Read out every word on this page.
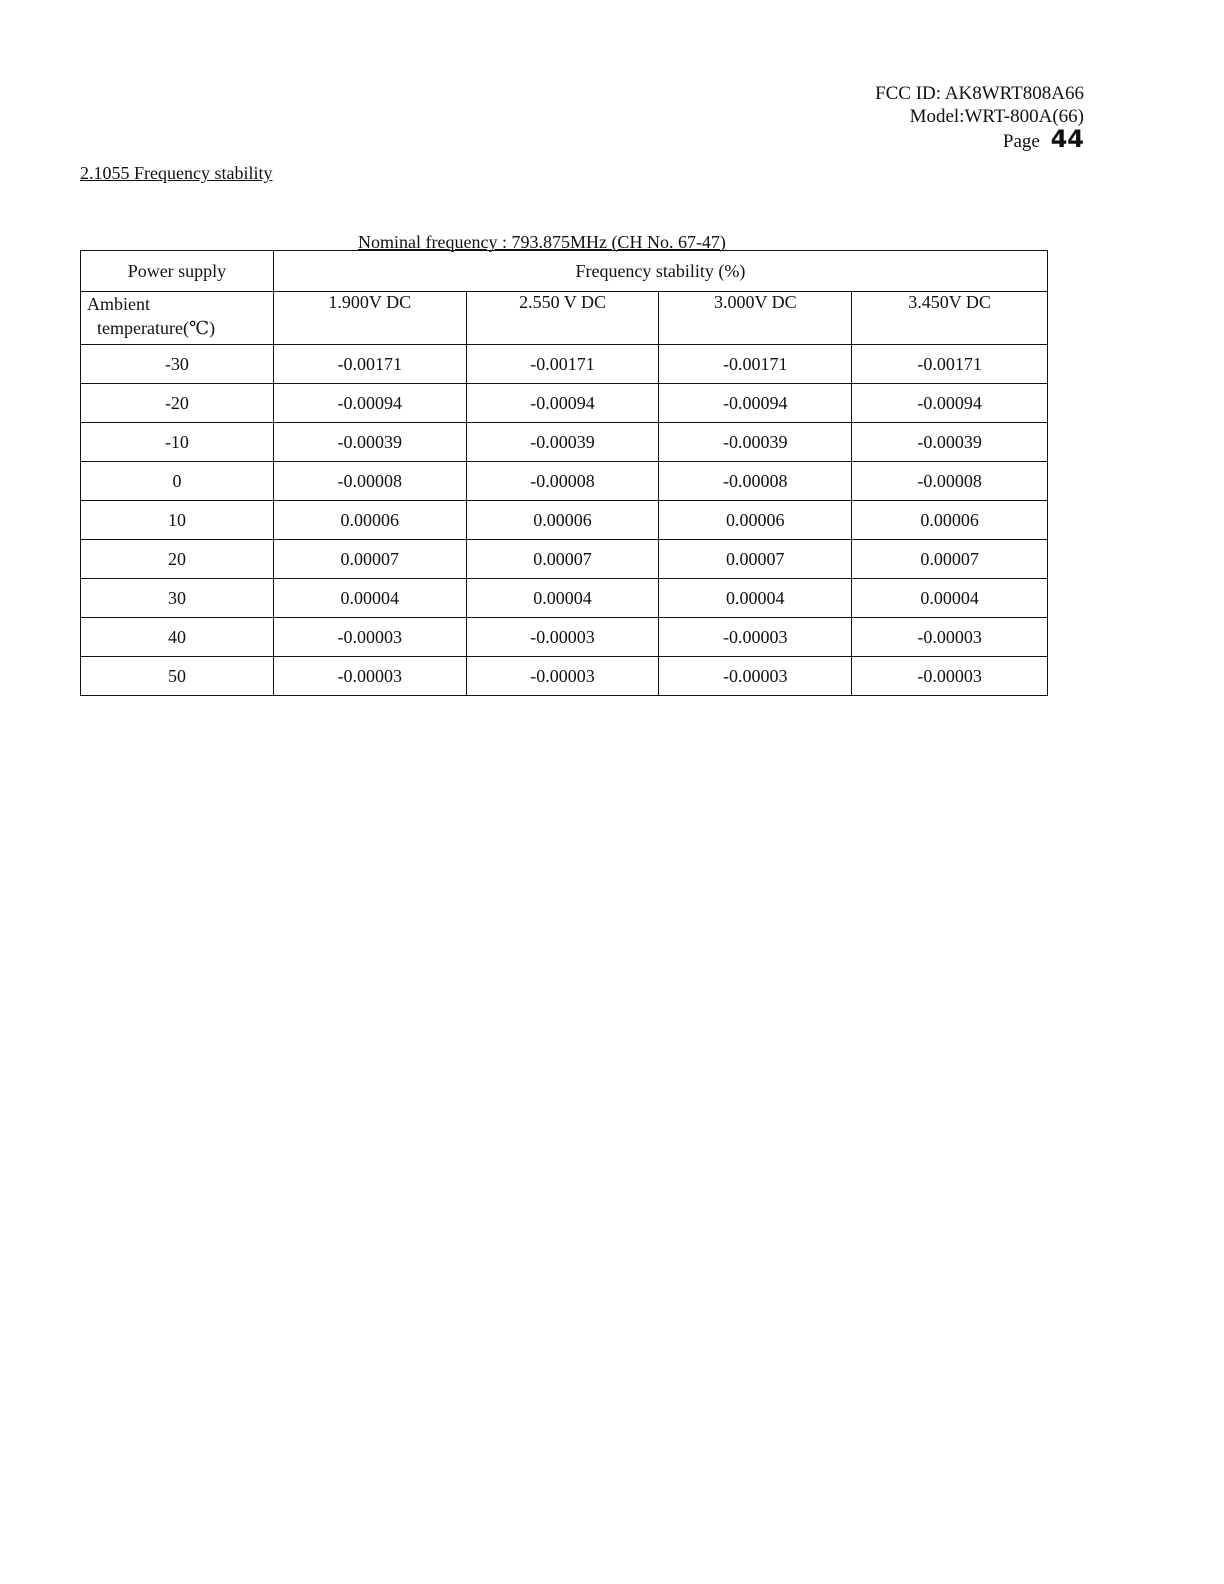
FCC ID: AK8WRT808A66
Model:WRT-800A(66)
Page 44
2.1055 Frequency stability
Nominal frequency : 793.875MHz (CH No. 67-47)
Power supply	Frequency stability (%)			

Ambient
temperature(℃)	1.900V DC	2.550 V DC	3.000V DC	3.450V DC
-30	-0.00171	-0.00171	-0.00171	-0.00171
-20	-0.00094	-0.00094	-0.00094	-0.00094
-10	-0.00039	-0.00039	-0.00039	-0.00039
0	-0.00008	-0.00008	-0.00008	-0.00008
10	0.00006	0.00006	0.00006	0.00006
20	0.00007	0.00007	0.00007	0.00007
30	0.00004	0.00004	0.00004	0.00004
40	-0.00003	-0.00003	-0.00003	-0.00003
50	-0.00003	-0.00003	-0.00003	-0.00003
